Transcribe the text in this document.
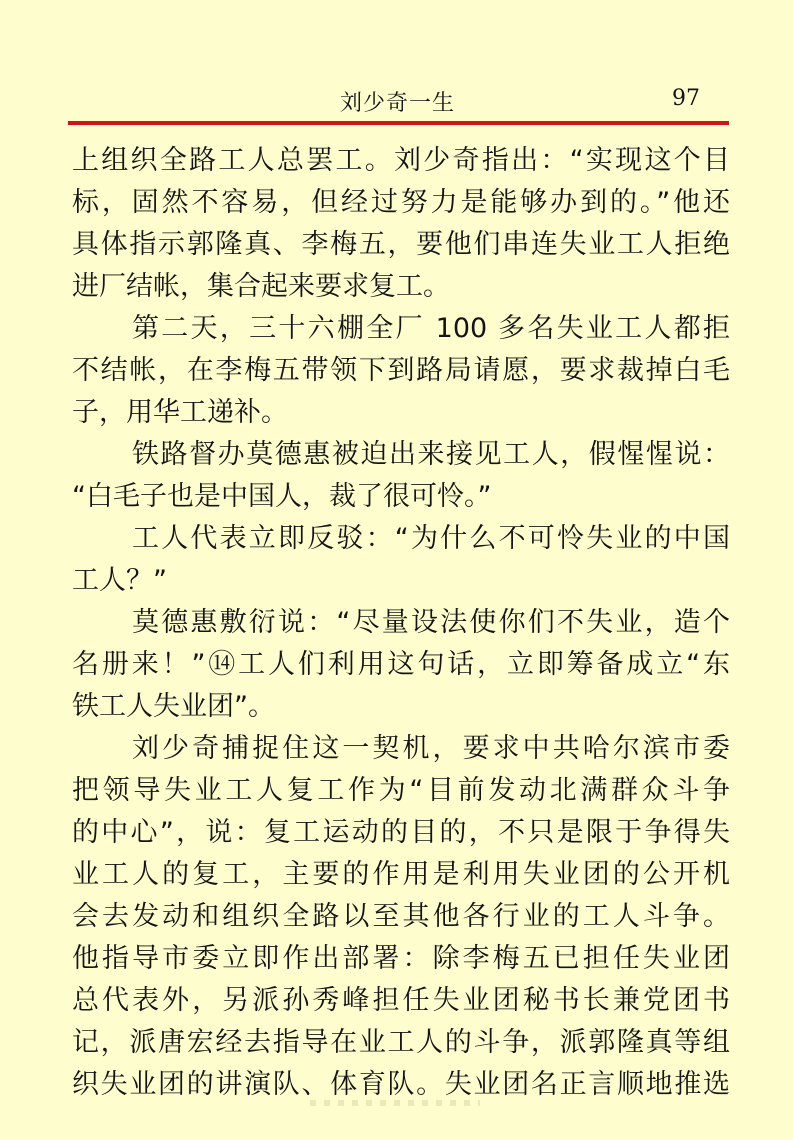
刘少奇一生	97
上组织全路工人总罢工。刘少奇指出：“实现这个目
标，固然不容易，但经过努力是能够办到的。”他还
具体指示郭隆真、李梅五，要他们串连失业工人拒绝
进厂结帐，集合起来要求复工。
第二天，三十六棚全厂 100 多名失业工人都拒
不结帐，在李梅五带领下到路局请愿，要求裁掉白毛
子，用华工递补。
铁路督办莫德惠被迫出来接见工人，假惺惺说：
“白毛子也是中国人，裁了很可怜。”
工人代表立即反驳：“为什么不可怜失业的中国
工人？”
莫德惠敷衍说：“尽量设法使你们不失业，造个
名册来！”⑭工人们利用这句话，立即筹备成立“东
铁工人失业团”。
刘少奇捕捉住这一契机，要求中共哈尔滨市委
把领导失业工人复工作为“目前发动北满群众斗争
的中心”，说：复工运动的目的，不只是限于争得失
业工人的复工，主要的作用是利用失业团的公开机
会去发动和组织全路以至其他各行业的工人斗争。
他指导市委立即作出部署：除李梅五已担任失业团
总代表外，另派孙秀峰担任失业团秘书长兼党团书
记，派唐宏经去指导在业工人的斗争，派郭隆真等组
织失业团的讲演队、体育队。失业团名正言顺地推选
